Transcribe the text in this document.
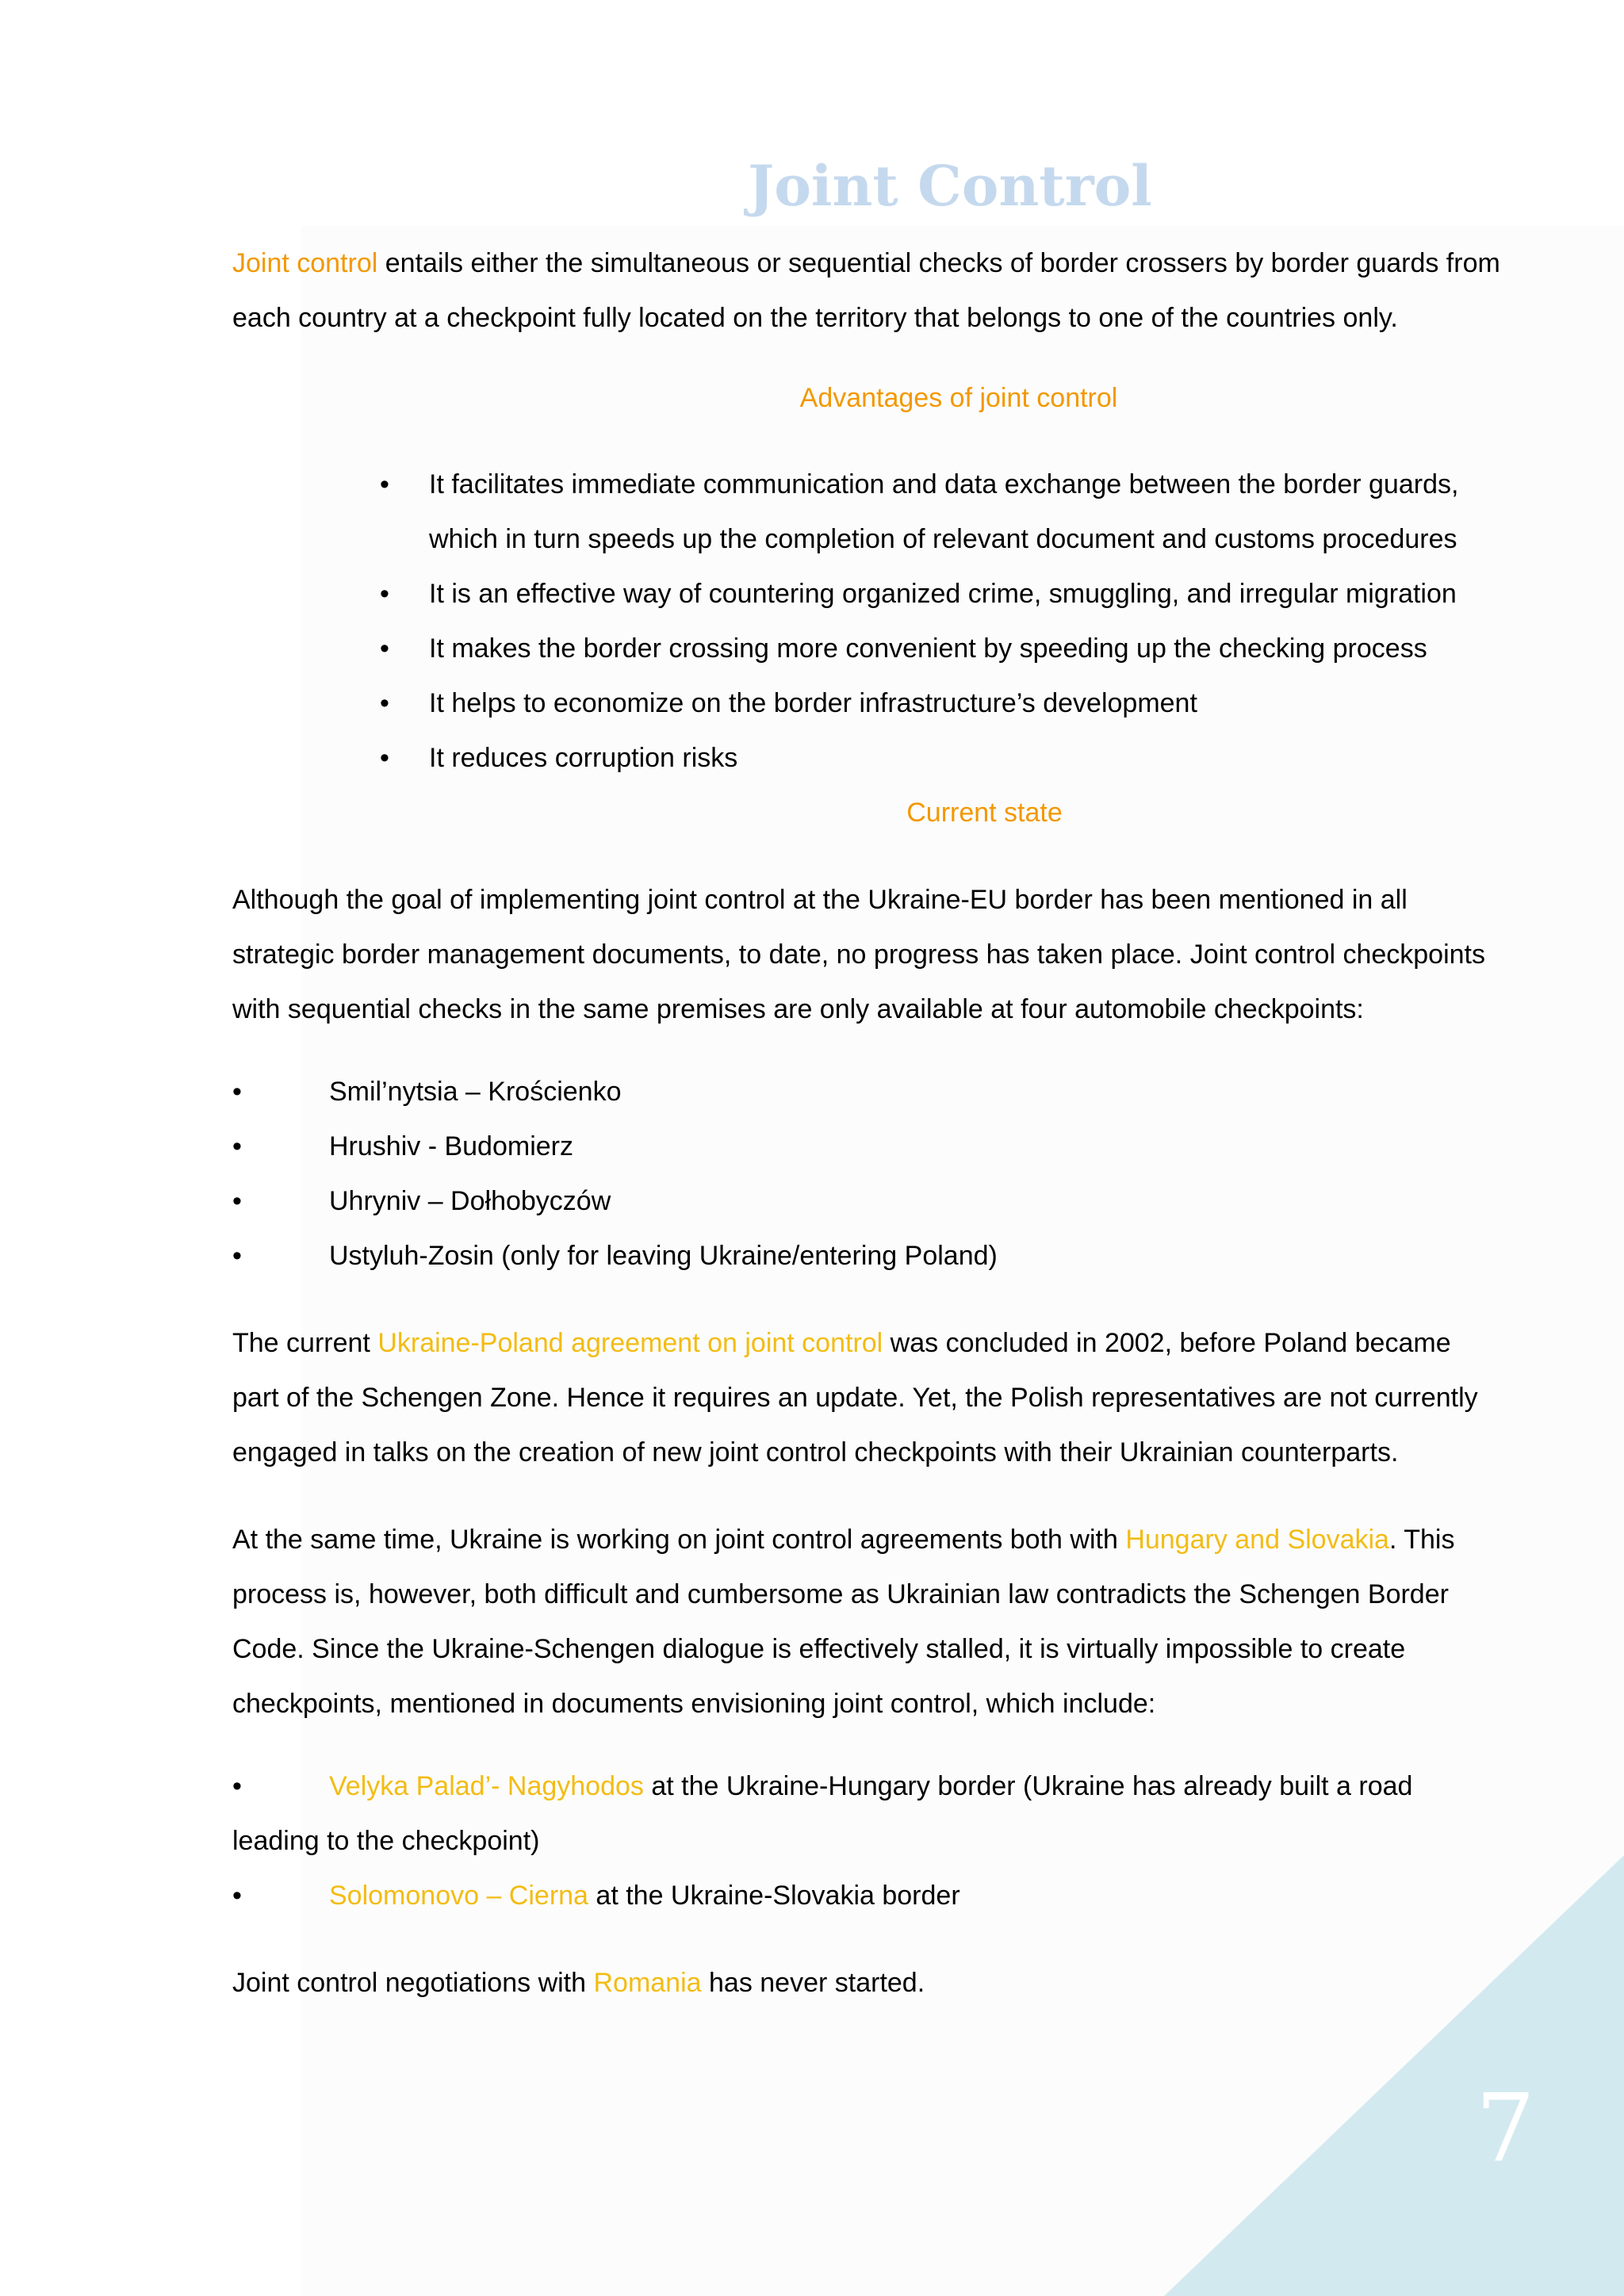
7
Joint Control

Joint control entails either the simultaneous or sequential checks of border crossers by border guards from each country at a checkpoint fully located on the territory that belongs to one of the countries only.

Advantages of joint control
• It facilitates immediate communication and data exchange between the border guards, which in turn speeds up the completion of relevant document and customs procedures
• It is an effective way of countering organized crime, smuggling, and irregular migration
• It makes the border crossing more convenient by speeding up the checking process
• It helps to economize on the border infrastructure’s development
• It reduces corruption risks
Current state

Although the goal of implementing joint control at the Ukraine-EU border has been mentioned in all strategic border management documents, to date, no progress has taken place. Joint control checkpoints with sequential checks in the same premises are only available at four automobile checkpoints:

•	Smil’nytsia – Krościenko
•	Hrushiv - Budomierz
•	Uhryniv – Dołhobyczów
•	Ustyluh-Zosin (only for leaving Ukraine/entering Poland)

The current Ukraine-Poland agreement on joint control was concluded in 2002, before Poland became part of the Schengen Zone. Hence it requires an update. Yet, the Polish representatives are not currently engaged in talks on the creation of new joint control checkpoints with their Ukrainian counterparts.

At the same time, Ukraine is working on joint control agreements both with Hungary and Slovakia. This process is, however, both difficult and cumbersome as Ukrainian law contradicts the Schengen Border Code. Since the Ukraine-Schengen dialogue is effectively stalled, it is virtually impossible to create checkpoints, mentioned in documents envisioning joint control, which include:

•	Velyka Palad’- Nagyhodos at the Ukraine-Hungary border (Ukraine has already built a road leading to the checkpoint)
•	Solomonovo – Cierna at the Ukraine-Slovakia border

Joint control negotiations with Romania has never started.
